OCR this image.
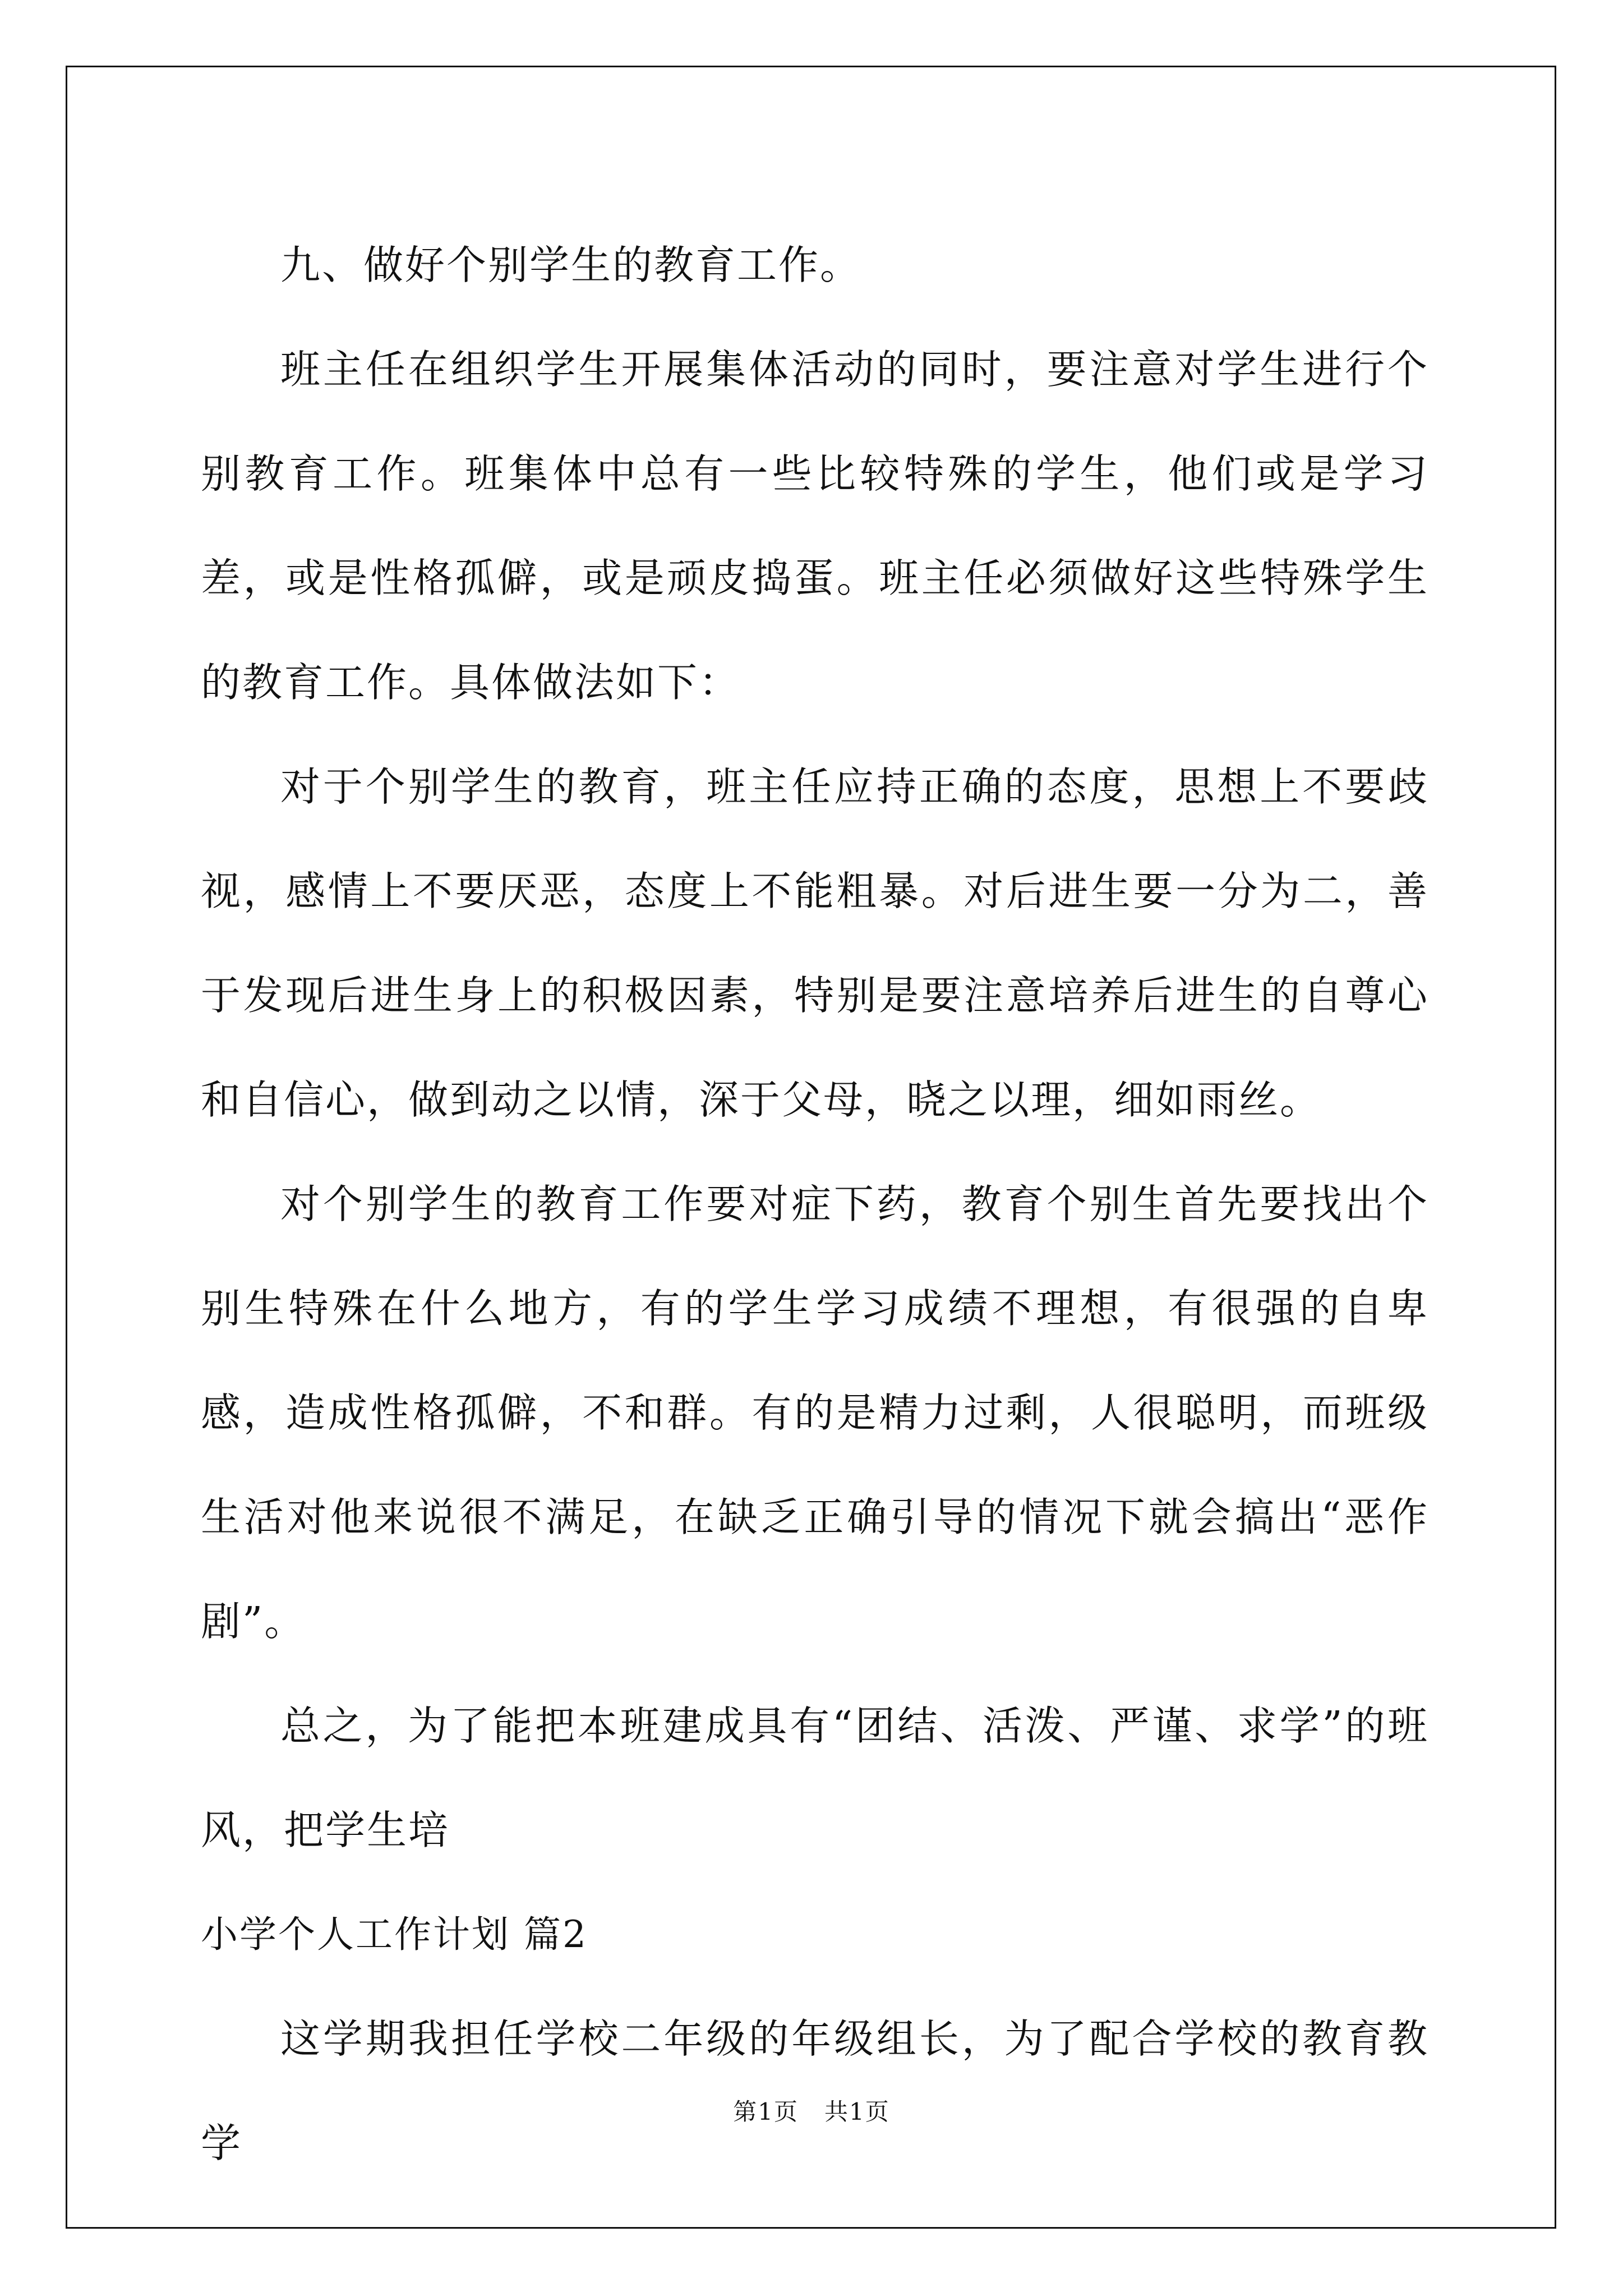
九、做好个别学生的教育工作。

班主任在组织学生开展集体活动的同时，要注意对学生进行个别教育工作。班集体中总有一些比较特殊的学生，他们或是学习差，或是性格孤僻，或是顽皮捣蛋。班主任必须做好这些特殊学生的教育工作。具体做法如下：

对于个别学生的教育，班主任应持正确的态度，思想上不要歧视，感情上不要厌恶，态度上不能粗暴。对后进生要一分为二，善于发现后进生身上的积极因素，特别是要注意培养后进生的自尊心和自信心，做到动之以情，深于父母，晓之以理，细如雨丝。

对个别学生的教育工作要对症下药，教育个别生首先要找出个别生特殊在什么地方，有的学生学习成绩不理想，有很强的自卑感，造成性格孤僻，不和群。有的是精力过剩，人很聪明，而班级生活对他来说很不满足，在缺乏正确引导的情况下就会搞出“恶作剧”。

总之，为了能把本班建成具有“团结、活泼、严谨、求学”的班风，把学生培

小学个人工作计划 篇2

这学期我担任学校二年级的年级组长，为了配合学校的教育教学

第1页 共1页
